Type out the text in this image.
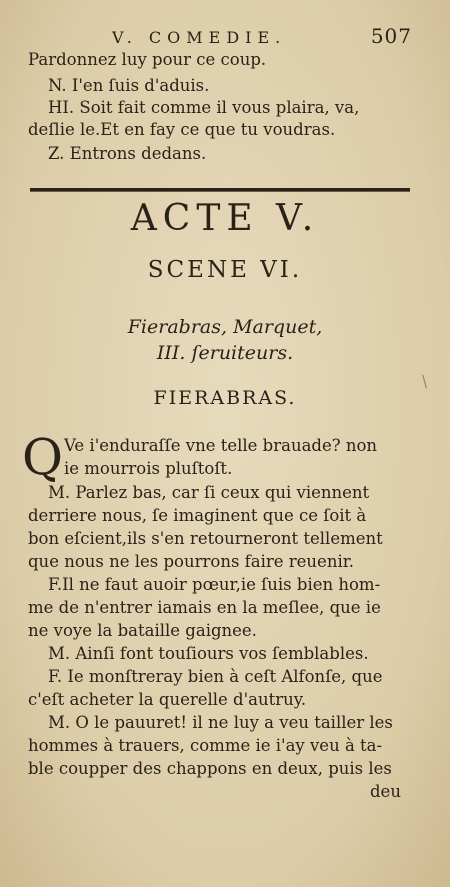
V. COMEDIE.	507
Pardonnez luy pour ce coup.
N. I'en ſuis d'aduis.
HI. Soit fait comme il vous plaira, va,
deſlie le.Et en fay ce que tu voudras.
Z. Entrons dedans.
ACTE V.
SCENE VI.
Fierabras, Marquet,
III. ſeruiteurs.
FIERABRAS.
Q Ve i'enduraſſe vne telle brauade? non
ie mourrois pluſtoſt.
M. Parlez bas, car ſi ceux qui viennent
derriere nous, ſe imaginent que ce ſoit à
bon eſcient,ils s'en retourneront tellement
que nous ne les pourrons faire reuenir.
F.Il ne faut auoir pœur,ie ſuis bien hom-
me de n'entrer iamais en la meſlee, que ie
ne voye la bataille gaignee.
M. Ainſi font touſiours vos ſemblables.
F. Ie monſtreray bien à ceſt Alfonſe, que
c'eſt acheter la querelle d'autruy.
M. O le pauuret! il ne luy a veu tailler les
hommes à trauers, comme ie i'ay veu à ta-
ble coupper des chappons en deux, puis les
deu
